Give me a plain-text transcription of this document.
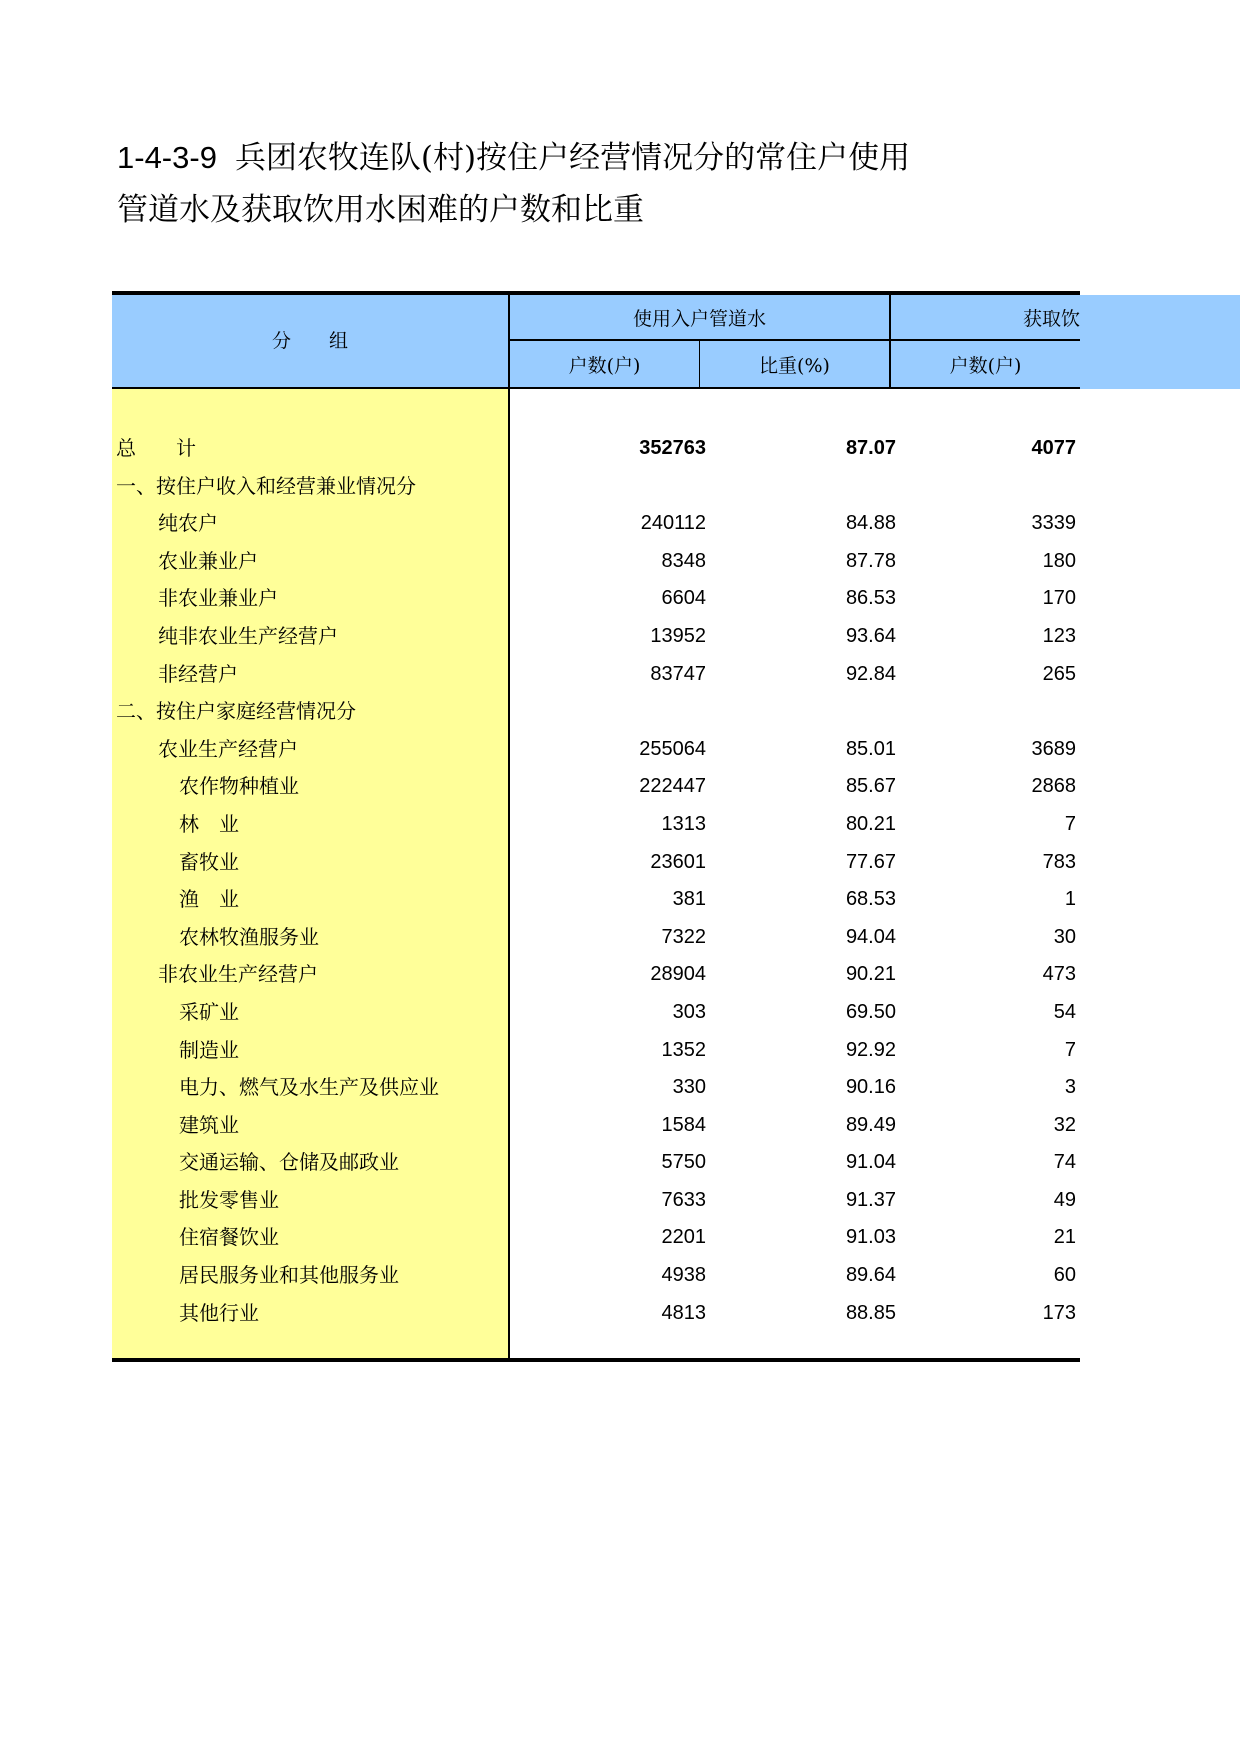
1-4-3-9 兵团农牧连队(村)按住户经营情况分的常住户使用
管道水及获取饮用水困难的户数和比重
分　　组
使用入户管道水	获取饮
户数(户)	比重(%)	户数(户)
总　　计	352763	87.07	4077
一、按住户收入和经营兼业情况分
纯农户	240112	84.88	3339
农业兼业户	8348	87.78	180
非农业兼业户	6604	86.53	170
纯非农业生产经营户	13952	93.64	123
非经营户	83747	92.84	265
二、按住户家庭经营情况分
农业生产经营户	255064	85.01	3689
农作物种植业	222447	85.67	2868
林　业	1313	80.21	7
畜牧业	23601	77.67	783
渔　业	381	68.53	1
农林牧渔服务业	7322	94.04	30
非农业生产经营户	28904	90.21	473
采矿业	303	69.50	54
制造业	1352	92.92	7
电力、燃气及水生产及供应业	330	90.16	3
建筑业	1584	89.49	32
交通运输、仓储及邮政业	5750	91.04	74
批发零售业	7633	91.37	49
住宿餐饮业	2201	91.03	21
居民服务业和其他服务业	4938	89.64	60
其他行业	4813	88.85	173
